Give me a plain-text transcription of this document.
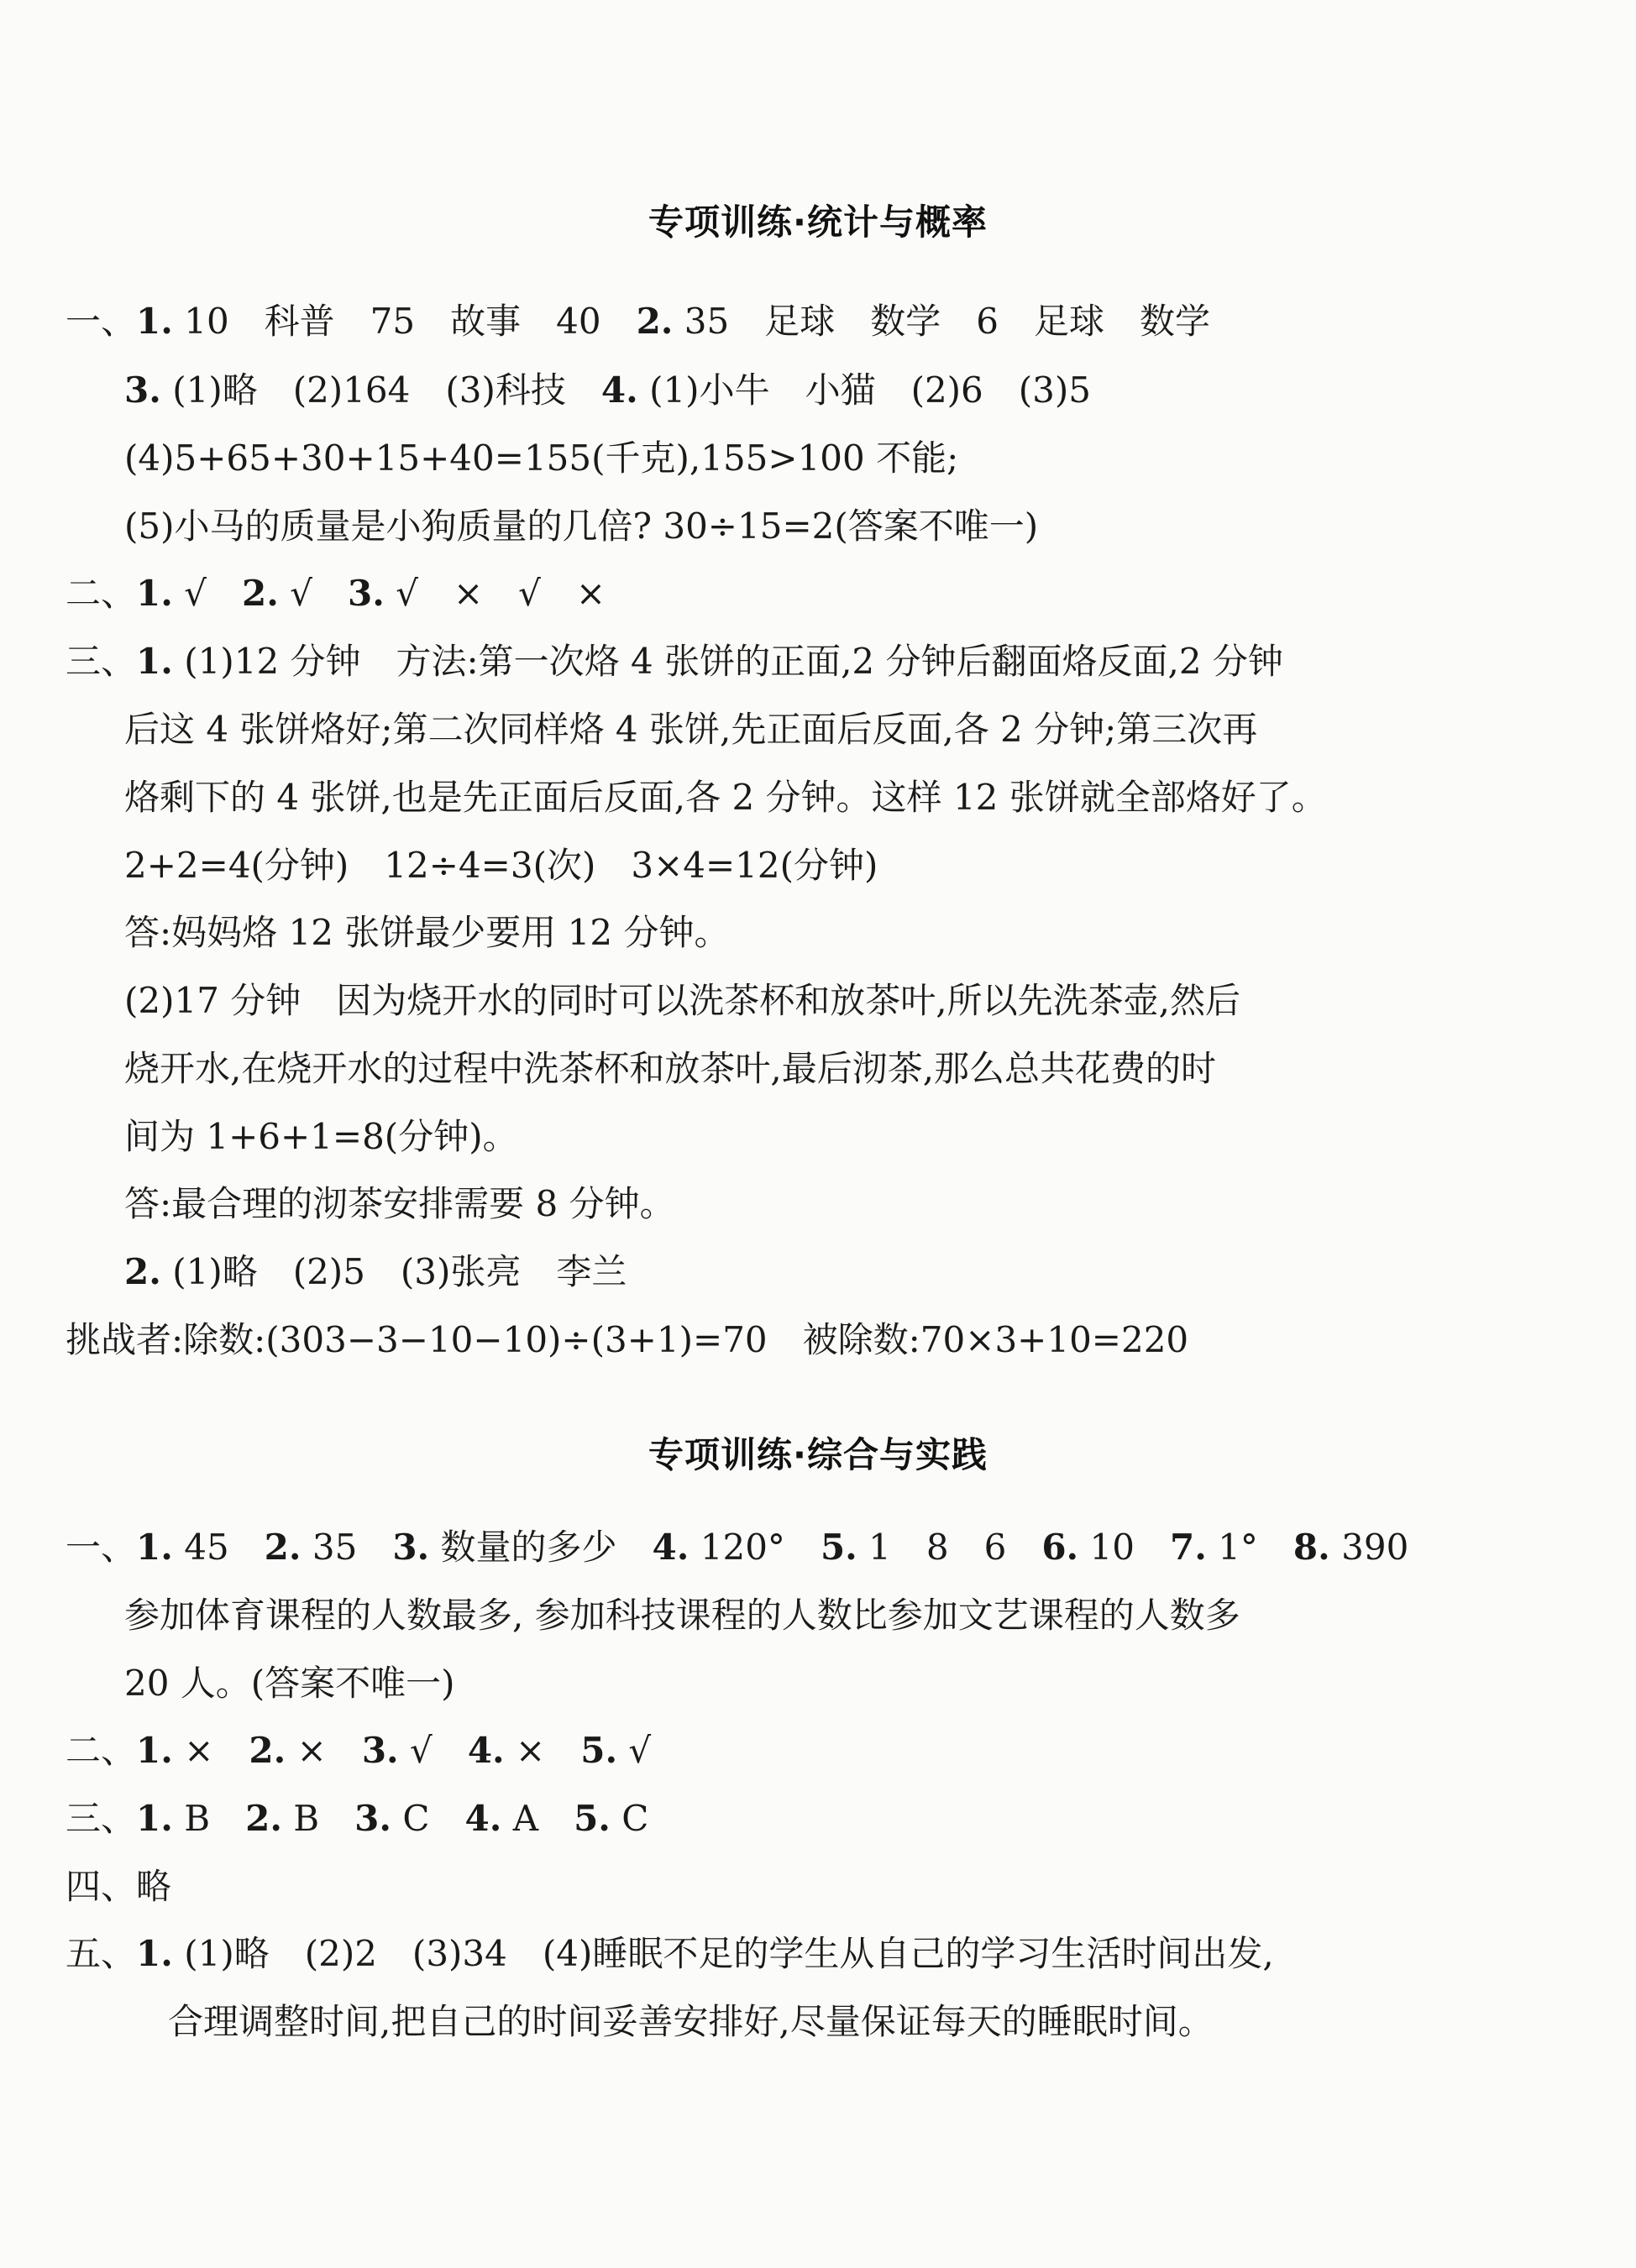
专项训练·统计与概率
一、1. 10　科普　75　故事　40　2. 35　足球　数学　6　足球　数学
3. (1)略　(2)164　(3)科技　4. (1)小牛　小猫　(2)6　(3)5
(4)5+65+30+15+40=155(千克),155>100 不能;
(5)小马的质量是小狗质量的几倍? 30÷15=2(答案不唯一)
二、1. √　2. √　3. √　×　√　×
三、1. (1)12 分钟　方法:第一次烙 4 张饼的正面,2 分钟后翻面烙反面,2 分钟
后这 4 张饼烙好;第二次同样烙 4 张饼,先正面后反面,各 2 分钟;第三次再
烙剩下的 4 张饼,也是先正面后反面,各 2 分钟。这样 12 张饼就全部烙好了。
2+2=4(分钟)　12÷4=3(次)　3×4=12(分钟)
答:妈妈烙 12 张饼最少要用 12 分钟。
(2)17 分钟　因为烧开水的同时可以洗茶杯和放茶叶,所以先洗茶壶,然后
烧开水,在烧开水的过程中洗茶杯和放茶叶,最后沏茶,那么总共花费的时
间为 1+6+1=8(分钟)。
答:最合理的沏茶安排需要 8 分钟。
2. (1)略　(2)5　(3)张亮　李兰
挑战者:除数:(303−3−10−10)÷(3+1)=70　被除数:70×3+10=220
专项训练·综合与实践
一、1. 45　2. 35　3. 数量的多少　4. 120°　5. 1　8　6　6. 10　7. 1°　8. 390
参加体育课程的人数最多, 参加科技课程的人数比参加文艺课程的人数多
20 人。(答案不唯一)
二、1. ×　2. ×　3. √　4. ×　5. √
三、1. B　2. B　3. C　4. A　5. C
四、略
五、1. (1)略　(2)2　(3)34　(4)睡眠不足的学生从自己的学习生活时间出发,
合理调整时间,把自己的时间妥善安排好,尽量保证每天的睡眠时间。
